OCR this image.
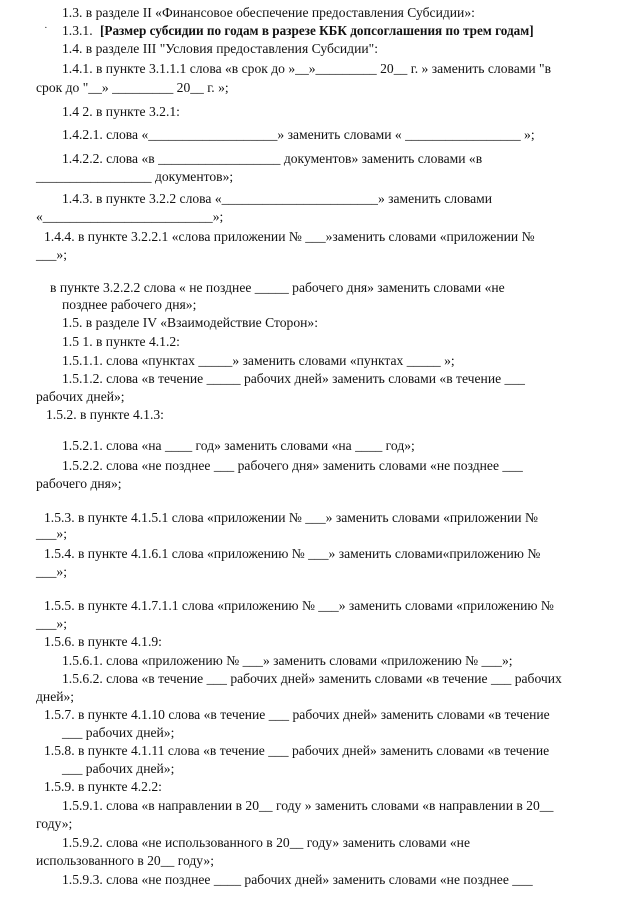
·
1.3. в разделе II «Финансовое обеспечение предоставления Субсидии»:
1.3.1. [Размер субсидии по годам в разрезе КБК допсоглашения по трем годам]
1.4. в разделе III "Условия предоставления Субсидии":
1.4.1. в пункте 3.1.1.1 слова «в срок до »__»_________ 20__ г. » заменить словами "в
срок до "__» _________ 20__ г. »;
1.4 2. в пункте 3.2.1:
1.4.2.1. слова «___________________» заменить словами « _________________ »;
1.4.2.2. слова «в __________________ документов» заменить словами «в
_________________ документов»;
1.4.3. в пункте 3.2.2 слова «_______________________» заменить словами
«_________________________»;
1.4.4. в пункте 3.2.2.1 «слова приложении № ___»заменить словами «приложении №
___»;
в пункте 3.2.2.2 слова « не позднее _____ рабочего дня» заменить словами «не
позднее рабочего дня»;
1.5. в разделе IV «Взаимодействие Сторон»:
1.5 1. в пункте 4.1.2:
1.5.1.1. слова «пунктах _____» заменить словами «пунктах _____ »;
1.5.1.2. слова «в течение _____ рабочих дней» заменить словами «в течение ___
рабочих дней»;
1.5.2. в пункте 4.1.3:
1.5.2.1. слова «на ____ год» заменить словами «на ____ год»;
1.5.2.2. слова «не позднее ___ рабочего дня» заменить словами «не позднее ___
рабочего дня»;
1.5.3. в пункте 4.1.5.1 слова «приложении № ___» заменить словами «приложении №
___»;
1.5.4. в пункте 4.1.6.1 слова «приложению № ___» заменить словами«приложению №
___»;
1.5.5. в пункте 4.1.7.1.1 слова «приложению № ___» заменить словами «приложению №
___»;
1.5.6. в пункте 4.1.9:
1.5.6.1. слова «приложению № ___» заменить словами «приложению № ___»;
1.5.6.2. слова «в течение ___ рабочих дней» заменить словами «в течение ___ рабочих
дней»;
1.5.7. в пункте 4.1.10 слова «в течение ___ рабочих дней» заменить словами «в течение
___ рабочих дней»;
1.5.8. в пункте 4.1.11 слова «в течение ___ рабочих дней» заменить словами «в течение
___ рабочих дней»;
1.5.9. в пункте 4.2.2:
1.5.9.1. слова «в направлении в 20__ году » заменить словами «в направлении в 20__
году»;
1.5.9.2. слова «не использованного в 20__ году» заменить словами «не
использованного в 20__ году»;
1.5.9.3. слова «не позднее ____ рабочих дней» заменить словами «не позднее ___
